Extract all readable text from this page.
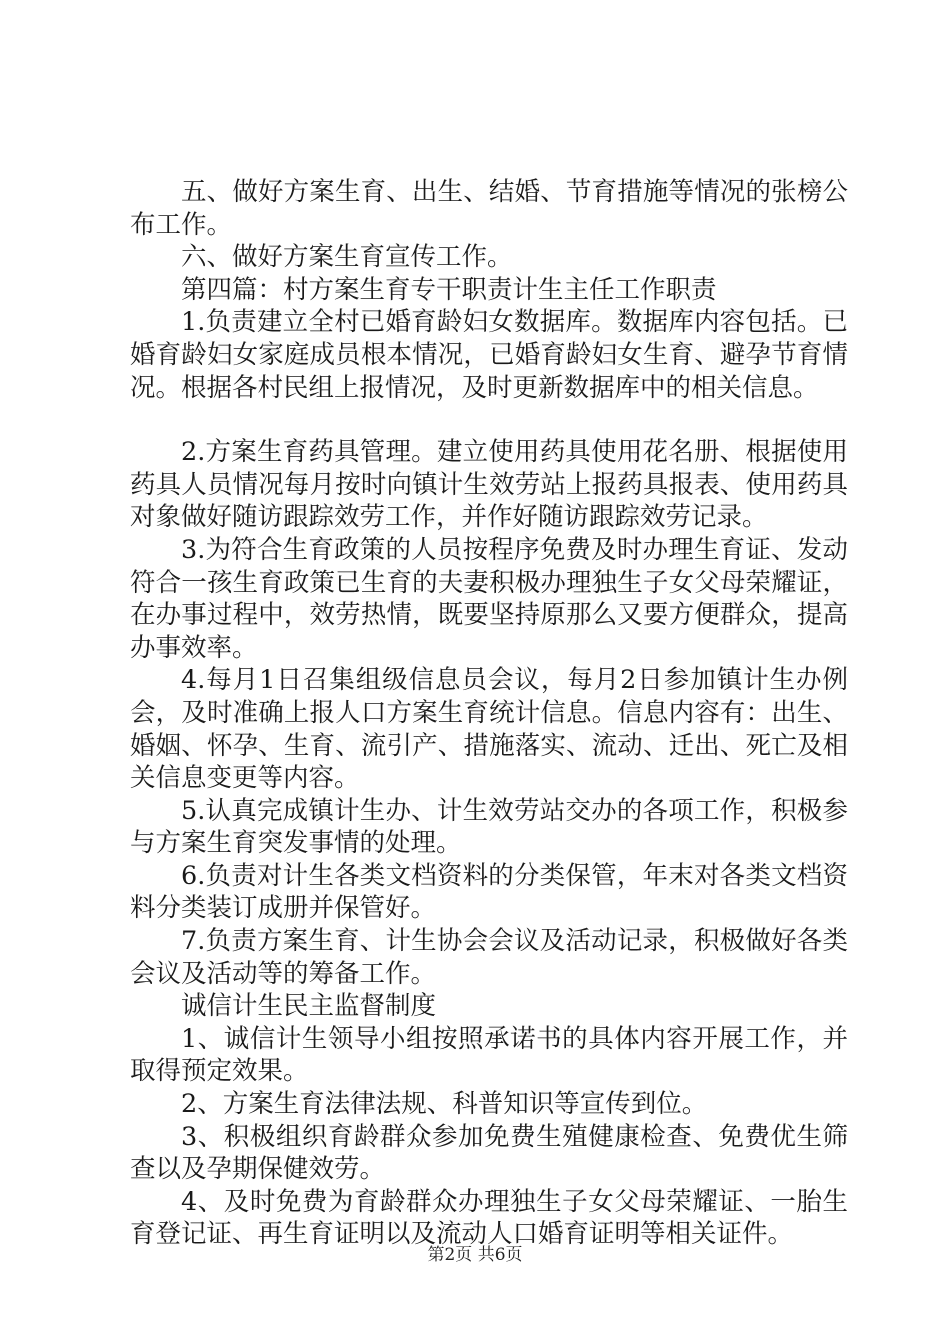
五、做好方案生育、出生、结婚、节育措施等情况的张榜公布工作。

六、做好方案生育宣传工作。

第四篇：村方案生育专干职责计生主任工作职责

1.负责建立全村已婚育龄妇女数据库。数据库内容包括。已婚育龄妇女家庭成员根本情况，已婚育龄妇女生育、避孕节育情况。根据各村民组上报情况，及时更新数据库中的相关信息。

2.方案生育药具管理。建立使用药具使用花名册、根据使用药具人员情况每月按时向镇计生效劳站上报药具报表、使用药具对象做好随访跟踪效劳工作，并作好随访跟踪效劳记录。

3.为符合生育政策的人员按程序免费及时办理生育证、发动符合一孩生育政策已生育的夫妻积极办理独生子女父母荣耀证，在办事过程中，效劳热情，既要坚持原那么又要方便群众，提高办事效率。

4.每月1日召集组级信息员会议，每月2日参加镇计生办例会，及时准确上报人口方案生育统计信息。信息内容有：出生、婚姻、怀孕、生育、流引产、措施落实、流动、迁出、死亡及相关信息变更等内容。

5.认真完成镇计生办、计生效劳站交办的各项工作，积极参与方案生育突发事情的处理。

6.负责对计生各类文档资料的分类保管，年末对各类文档资料分类装订成册并保管好。

7.负责方案生育、计生协会会议及活动记录，积极做好各类会议及活动等的筹备工作。

诚信计生民主监督制度

1、诚信计生领导小组按照承诺书的具体内容开展工作，并取得预定效果。

2、方案生育法律法规、科普知识等宣传到位。

3、积极组织育龄群众参加免费生殖健康检查、免费优生筛查以及孕期保健效劳。

4、及时免费为育龄群众办理独生子女父母荣耀证、一胎生育登记证、再生育证明以及流动人口婚育证明等相关证件。

第2页 共6页
